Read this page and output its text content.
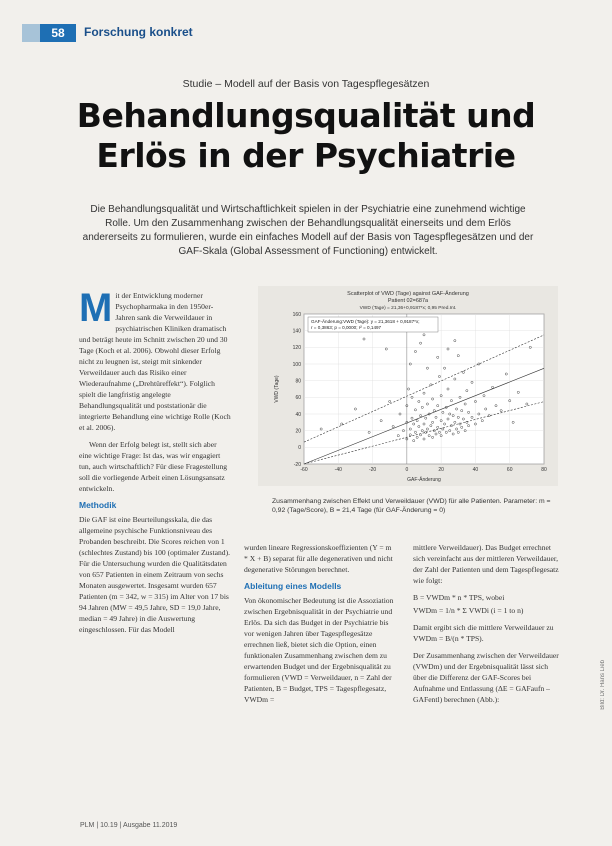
58	Forschung konkret
Studie – Modell auf der Basis von Tagespflegesätzen
Behandlungsqualität und
Erlös in der Psychiatrie
Die Behandlungsqualität und Wirtschaftlichkeit spielen in der Psychiatrie eine zunehmend wichtige Rolle. Um den Zusammenhang zwischen der Behandlungsqualität einerseits und dem Erlös andererseits zu formulieren, wurde ein einfaches Modell auf der Basis von Tagespflegesätzen und der GAF-Skala (Global Assessment of Functioning) entwickelt.

Mit der Entwicklung moderner Psychopharmaka in den 1950er-Jahren sank die Verweildauer in psychiatrischen Kliniken dramatisch und beträgt heute im Schnitt zwischen 20 und 30 Tage (Koch et al. 2006). Obwohl dieser Erfolg nicht zu leugnen ist, steigt mit sinkender Verweildauer auch das Risiko einer Wiederaufnahme („Drehtüreffekt“). Folglich spielt die langfristig angelegte Behandlungsqualität und poststationär die integrierte Behandlung eine wichtige Rolle (Koch et al. 2006).

Wenn der Erfolg belegt ist, stellt sich aber eine wichtige Frage: Ist das, was wir engagiert tun, auch wirtschaftlich? Für diese Fragestellung soll die vorliegende Arbeit einen Lösungsansatz entwickeln.

Methodik

Die GAF ist eine Beurteilungsskala, die das allgemeine psychische Funktionsniveau des Probanden beschreibt. Die Scores reichen von 1 (schlechtes Zustand) bis 100 (optimaler Zustand). Für die Untersuchung wurden die Qualitätsdaten von 657 Patienten in einem Zeitraum von sechs Monaten ausgewertet. Insgesamt wurden 657 Patienten (m = 342, w = 315) im Alter von 17 bis 94 Jahren (MW = 49,5 Jahre, SD = 19,0 Jahre, median = 49 Jahre) in die Auswertung eingeschlossen. Für das Modell

Scatterplot of VWD (Tage) against GAF-Änderung
Patient 02=687a
VWD (Tage) = 21,36+0,9187*x; 0,95 Pred.Int.
-60	-40	-20	0	20	40	60	80
-20
0
20
40
60
80
100
120
140
160
GAF-Änderung:VWD (Tage): y = 21,3618 + 0,9187*x;
r = 0,3863; p = 0,0000; r² = 0,1497
GAF-Änderung
VWD (Tage)
Zusammenhang zwischen Effekt und Verweildauer (VWD) für alle Patienten. Parameter: m = 0,92 (Tage/Score), B = 21,4 Tage (für GAF-Änderung = 0)

wurden lineare Regressionskoeffizienten (Y = m * X + B) separat für alle degenerativen und nicht degenerative Störungen berechnet.

Ableitung eines Modells

Von ökonomischer Bedeutung ist die Assoziation zwischen Ergebnisqualität in der Psychiatrie und Erlös. Da sich das Budget in der Psychiatrie bis vor wenigen Jahren über Tagespflegesätze errechnen ließ, bietet sich die Option, einen funktionalen Zusammenhang zwischen dem zu erwartenden Budget und der Ergebnisqualität zu formulieren (VWD = Verweildauer, n = Zahl der Patienten, B = Budget, TPS = Tagespflegesatz, VWDm =

mittlere Verweildauer). Das Budget errechnet sich vereinfacht aus der mittleren Verweildauer, der Zahl der Patienten und dem Tagespflegesatz wie folgt:

B = VWDm * n * TPS, wobei

VWDm = 1/n * Σ VWDi (i = 1 to n)

Damit ergibt sich die mittlere Verweildauer zu VWDm = B/(n * TPS).

Der Zusammenhang zwischen der Verweildauer (VWDm) und der Ergebnisqualität lässt sich über die Differenz der GAF-Scores bei Aufnahme und Entlassung (ΔE = GAFaufn – GAFentl) berechnen (Abb.):

PLM | 10.19 | Ausgabe 11.2019
Bild: Dr. Hans Lieb
